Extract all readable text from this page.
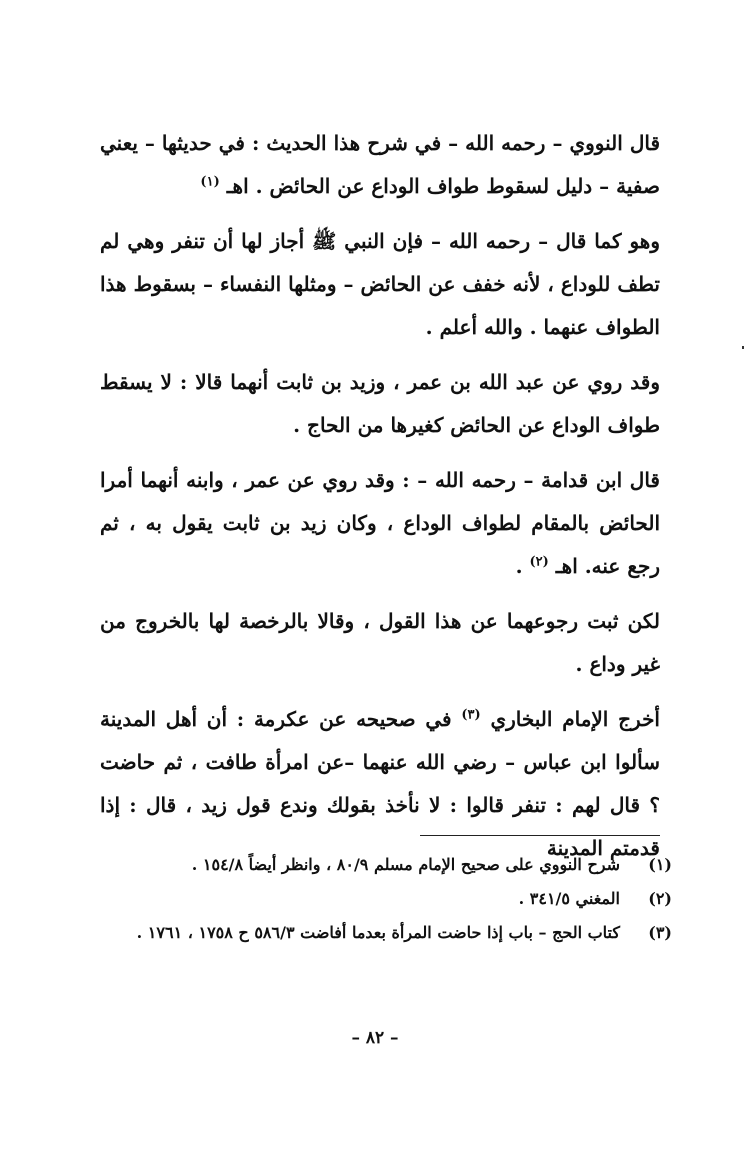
قال النووي – رحمه الله – في شرح هذا الحديث : في حديثها – يعني صفية – دليل لسقوط طواف الوداع عن الحائض . اهـ $^{(١)}$

وهو كما قال – رحمه الله – فإن النبي ﷺ أجاز لها أن تنفر وهي لم تطف للوداع ، لأنه خفف عن الحائض – ومثلها النفساء – بسقوط هذا الطواف عنهما . والله أعلم .

وقد روي عن عبد الله بن عمر ، وزيد بن ثابت أنهما قالا : لا يسقط طواف الوداع عن الحائض كغيرها من الحاج .

قال ابن قدامة – رحمه الله – : وقد روي عن عمر ، وابنه أنهما أمرا الحائض بالمقام لطواف الوداع ، وكان زيد بن ثابت يقول به ، ثم رجع عنه. اهـ $^{(٢)}$ .

لكن ثبت رجوعهما عن هذا القول ، وقالا بالرخصة لها بالخروج من غير وداع .

أخرج الإمام البخاري $^{(٣)}$ في صحيحه عن عكرمة : أن أهل المدينة سألوا ابن عباس – رضي الله عنهما –عن امرأة طافت ، ثم حاضت ؟ قال لهم : تنفر قالوا : لا نأخذ بقولك وندع قول زيد ، قال : إذا قدمتم المدينة

(١)
شرح النووي على صحيح الإمام مسلم ٨٠/٩ ، وانظر أيضاً ١٥٤/٨ .
(٢)
المغني ٣٤١/٥ .
(٣)
كتاب الحج – باب إذا حاضت المرأة بعدما أفاضت ٥٨٦/٣ ح ١٧٥٨ ، ١٧٦١ .
– ٨٢ –
